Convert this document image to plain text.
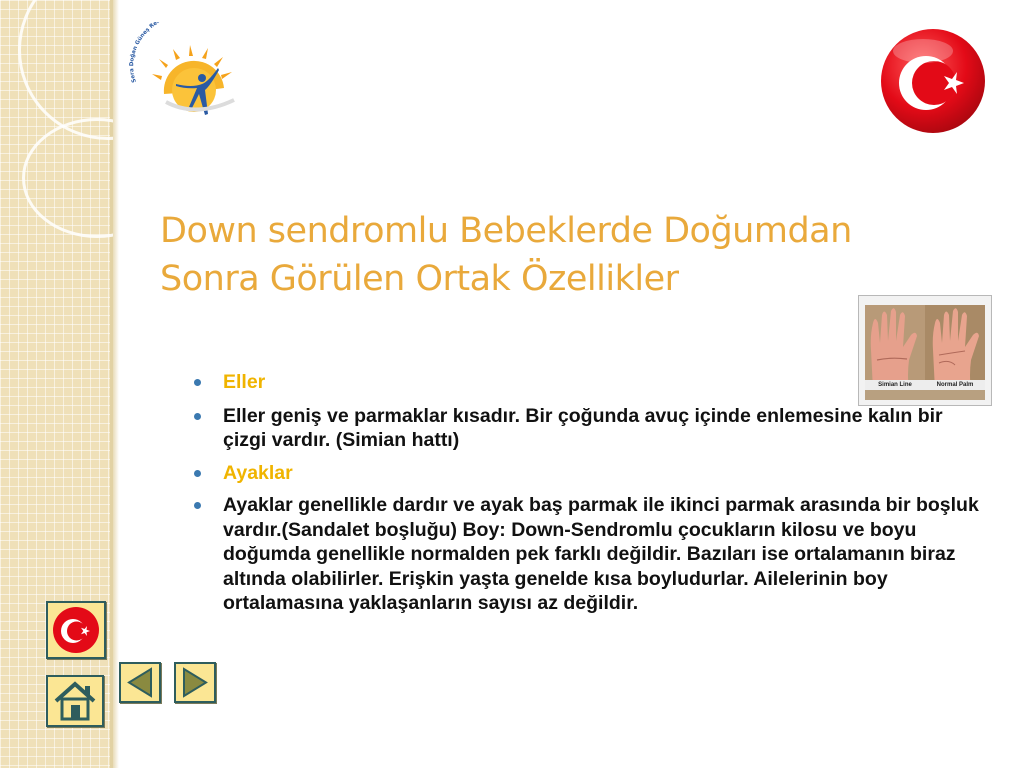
Sera Doğan Güneş Re
Down sendromlu Bebeklerde Doğumdan
Sonra Görülen Ortak Özellikler
Simian Line	Normal Palm
Eller
Eller geniş ve parmaklar kısadır. Bir çoğunda avuç içinde enlemesine kalın bir çizgi vardır. (Simian hattı)
Ayaklar
Ayaklar genellikle dardır ve ayak baş parmak ile ikinci parmak arasında bir boşluk vardır.(Sandalet boşluğu) Boy: Down-Sendromlu çocukların kilosu ve boyu doğumda genellikle normalden pek farklı değildir. Bazıları ise ortalamanın biraz altında olabilirler. Erişkin yaşta genelde kısa boyludurlar. Ailelerinin boy ortalamasına yaklaşanların sayısı az değildir.
